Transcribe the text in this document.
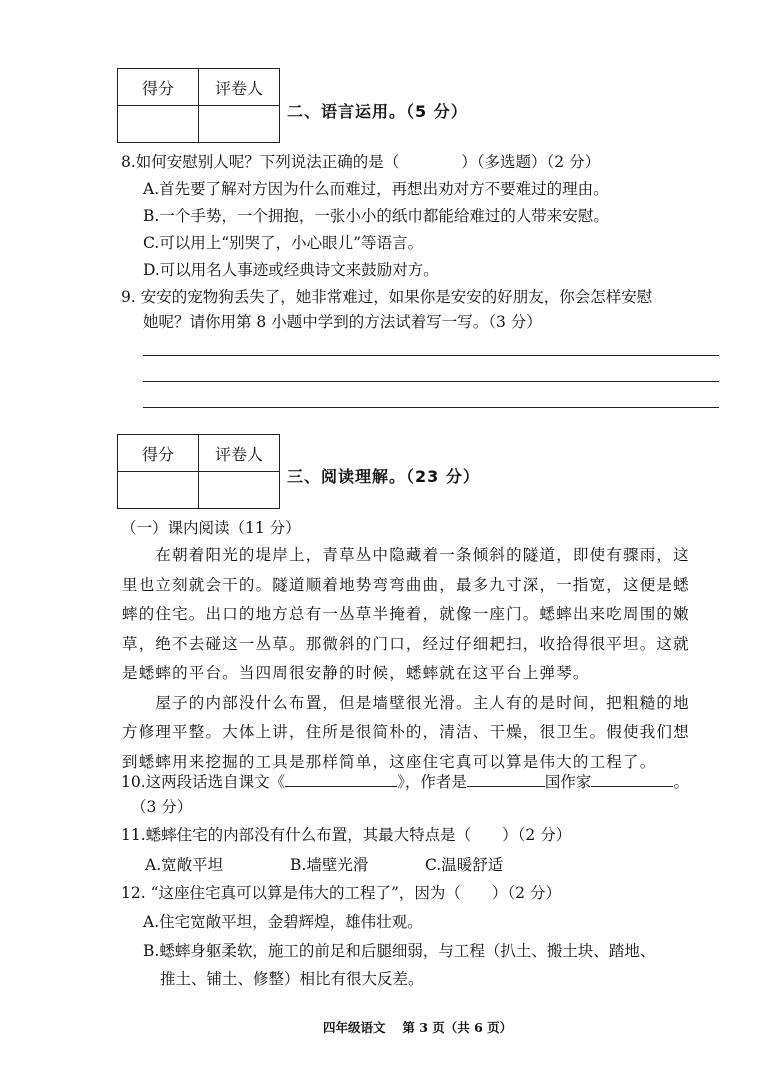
得分	评卷人

二、语言运用。（5 分）
8.如何安慰别人呢？下列说法正确的是（　　　　）（多选题）（2 分）
A.首先要了解对方因为什么而难过，再想出劝对方不要难过的理由。
B.一个手势，一个拥抱，一张小小的纸巾都能给难过的人带来安慰。
C.可以用上“别哭了，小心眼儿”等语言。
D.可以用名人事迹或经典诗文来鼓励对方。
9. 安安的宠物狗丢失了，她非常难过，如果你是安安的好朋友，你会怎样安慰
她呢？请你用第 8 小题中学到的方法试着写一写。（3 分）
得分	评卷人

三、阅读理解。（23 分）
（一）课内阅读（11 分）
　　在朝着阳光的堤岸上，青草丛中隐藏着一条倾斜的隧道，即使有骤雨，这
里也立刻就会干的。隧道顺着地势弯弯曲曲，最多九寸深，一指宽，这便是蟋
蟀的住宅。出口的地方总有一丛草半掩着，就像一座门。蟋蟀出来吃周围的嫩
草，绝不去碰这一丛草。那微斜的门口，经过仔细耙扫，收拾得很平坦。这就
是蟋蟀的平台。当四周很安静的时候，蟋蟀就在这平台上弹琴。
　　屋子的内部没什么布置，但是墙壁很光滑。主人有的是时间，把粗糙的地
方修理平整。大体上讲，住所是很简朴的，清洁、干燥，很卫生。假使我们想
到蟋蟀用来挖掘的工具是那样简单，这座住宅真可以算是伟大的工程了。
10.这两段话选自课文《	》，作者是	国作家	。
（3 分）
11.蟋蟀住宅的内部没有什么布置，其最大特点是（　　）（2 分）
A.宽敞平坦	B.墙壁光滑	C.温暖舒适
12. “这座住宅真可以算是伟大的工程了”，因为（　　）（2 分）
A.住宅宽敞平坦，金碧辉煌，雄伟壮观。
B.蟋蟀身躯柔软，施工的前足和后腿细弱，与工程（扒土、搬土块、踏地、
推土、铺土、修整）相比有很大反差。
四年级语文　 第 3 页（共 6 页）
